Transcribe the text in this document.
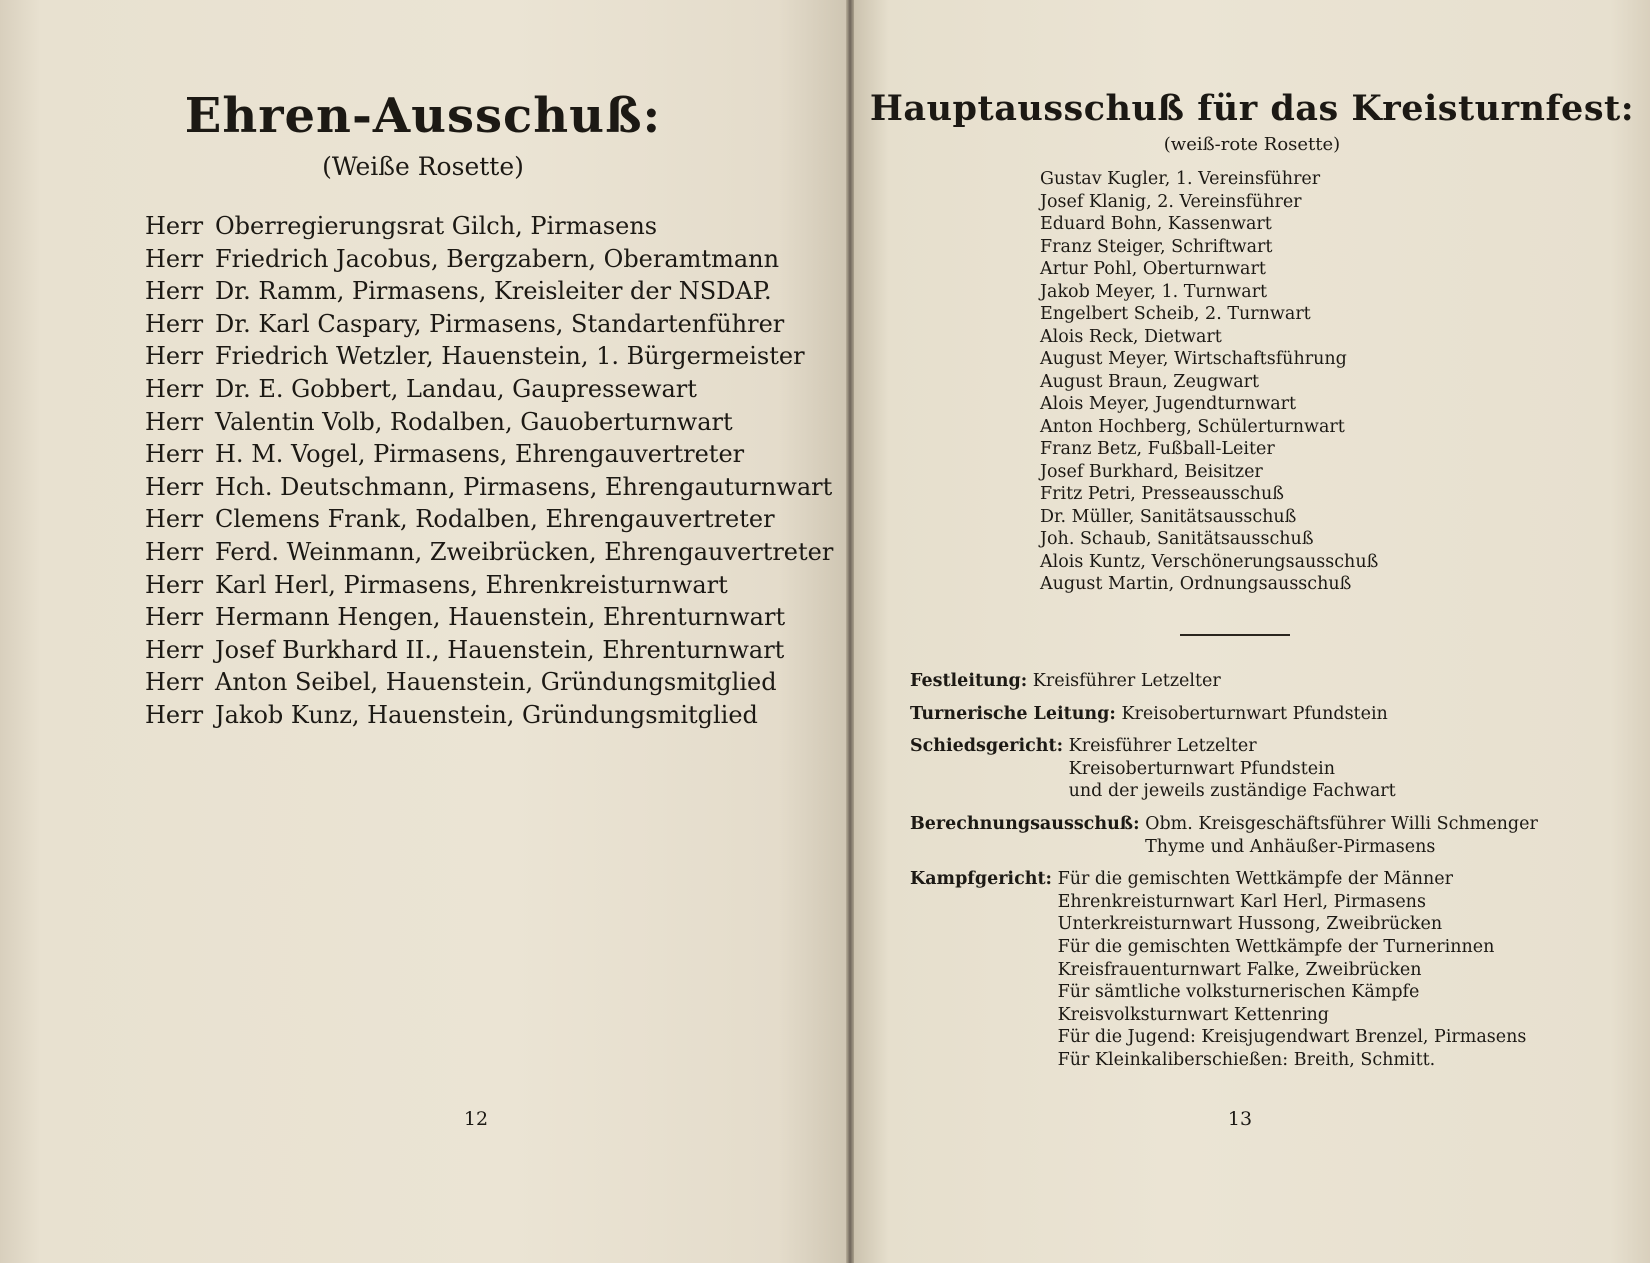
Ehren-Ausschuß:
(Weiße Rosette)
Herr Oberregierungsrat Gilch, Pirmasens
Herr Friedrich Jacobus, Bergzabern, Oberamtmann
Herr Dr. Ramm, Pirmasens, Kreisleiter der NSDAP.
Herr Dr. Karl Caspary, Pirmasens, Standartenführer
Herr Friedrich Wetzler, Hauenstein, 1. Bürgermeister
Herr Dr. E. Gobbert, Landau, Gaupressewart
Herr Valentin Volb, Rodalben, Gauoberturnwart
Herr H. M. Vogel, Pirmasens, Ehrengauvertreter
Herr Hch. Deutschmann, Pirmasens, Ehrengauturnwart
Herr Clemens Frank, Rodalben, Ehrengauvertreter
Herr Ferd. Weinmann, Zweibrücken, Ehrengauvertreter
Herr Karl Herl, Pirmasens, Ehrenkreisturnwart
Herr Hermann Hengen, Hauenstein, Ehrenturnwart
Herr Josef Burkhard II., Hauenstein, Ehrenturnwart
Herr Anton Seibel, Hauenstein, Gründungsmitglied
Herr Jakob Kunz, Hauenstein, Gründungsmitglied
12
Hauptausschuß für das Kreisturnfest:
(weiß-rote Rosette)
Gustav Kugler, 1. Vereinsführer
Josef Klanig, 2. Vereinsführer
Eduard Bohn, Kassenwart
Franz Steiger, Schriftwart
Artur Pohl, Oberturnwart
Jakob Meyer, 1. Turnwart
Engelbert Scheib, 2. Turnwart
Alois Reck, Dietwart
August Meyer, Wirtschaftsführung
August Braun, Zeugwart
Alois Meyer, Jugendturnwart
Anton Hochberg, Schülerturnwart
Franz Betz, Fußball-Leiter
Josef Burkhard, Beisitzer
Fritz Petri, Presseausschuß
Dr. Müller, Sanitätsausschuß
Joh. Schaub, Sanitätsausschuß
Alois Kuntz, Verschönerungsausschuß
August Martin, Ordnungsausschuß
Festleitung:
Kreisführer Letzelter
Turnerische Leitung:
Kreisoberturnwart Pfundstein
Schiedsgericht:
Kreisführer Letzelter
Kreisoberturnwart Pfundstein
und der jeweils zuständige Fachwart
Berechnungsausschuß:
Obm. Kreisgeschäftsführer Willi Schmenger
Thyme und Anhäußer-Pirmasens
Kampfgericht:
Für die gemischten Wettkämpfe der Männer
Ehrenkreisturnwart Karl Herl, Pirmasens
Unterkreisturnwart Hussong, Zweibrücken
Für die gemischten Wettkämpfe der Turnerinnen
Kreisfrauenturnwart Falke, Zweibrücken
Für sämtliche volksturnerischen Kämpfe
Kreisvolksturnwart Kettenring
Für die Jugend: Kreisjugendwart Brenzel, Pirmasens
Für Kleinkaliberschießen: Breith, Schmitt.
13
